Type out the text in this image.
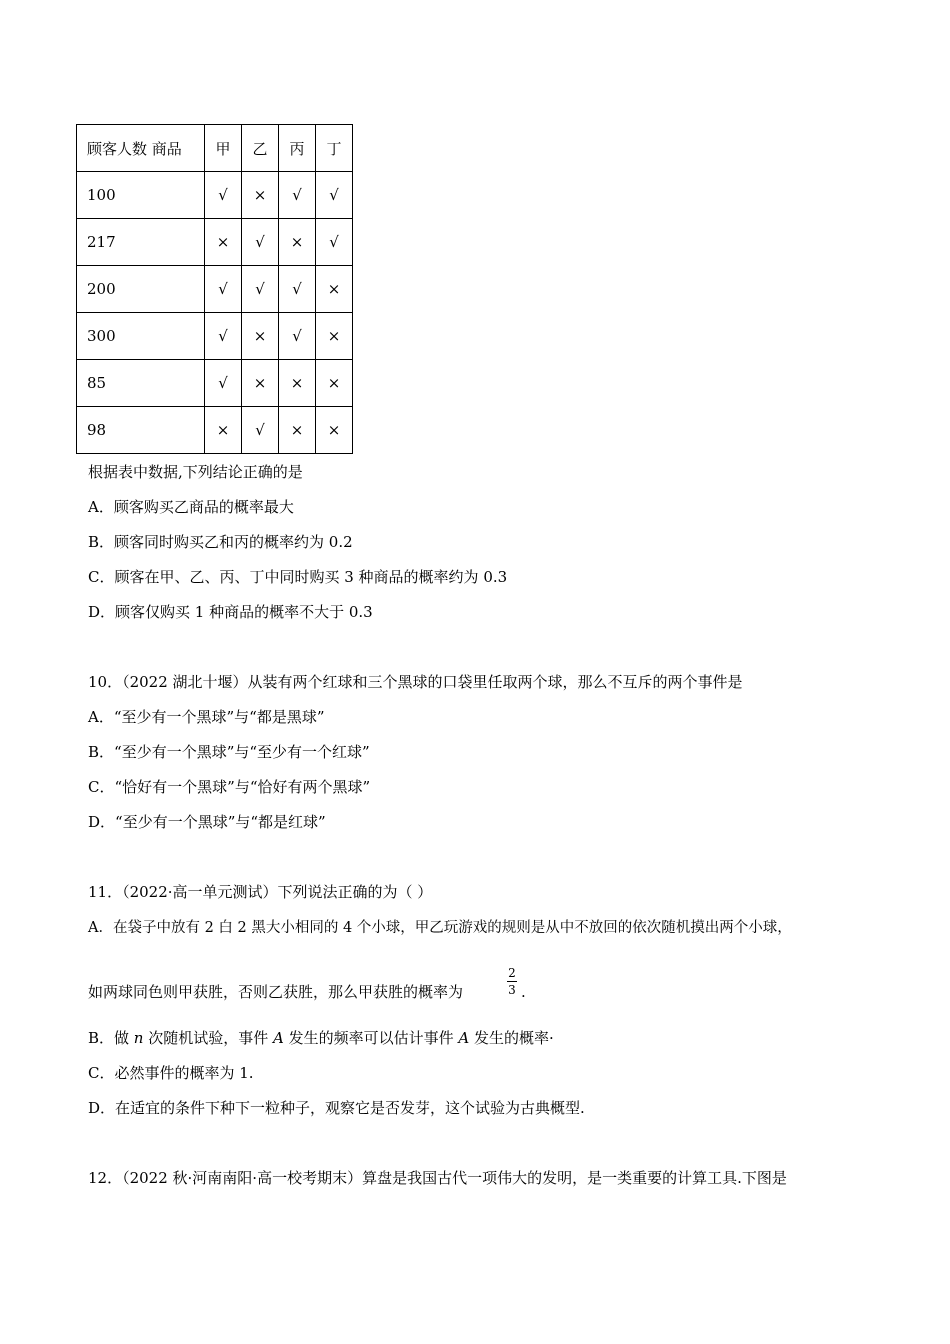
顾客人数 商品	甲	乙	丙	丁
100	√	×	√	√
217	×	√	×	√
200	√	√	√	×
300	√	×	√	×
85	√	×	×	×
98	×	√	×	×
根据表中数据,下列结论正确的是
A．顾客购买乙商品的概率最大
B．顾客同时购买乙和丙的概率约为 0.2
C．顾客在甲、乙、丙、丁中同时购买 3 种商品的概率约为 0.3
D．顾客仅购买 1 种商品的概率不大于 0.3
10．（2022 湖北十堰）从装有两个红球和三个黑球的口袋里任取两个球，那么不互斥的两个事件是
A．“至少有一个黑球”与“都是黑球”
B．“至少有一个黑球”与“至少有一个红球”
C．“恰好有一个黑球”与“恰好有两个黑球”
D．“至少有一个黑球”与“都是红球”
11．（2022·高一单元测试）下列说法正确的为（ ）
A．在袋子中放有 2 白 2 黑大小相同的 4 个小球，甲乙玩游戏的规则是从中不放回的依次随机摸出两个小球，
如两球同色则甲获胜，否则乙获胜，那么甲获胜的概率为
2
3 .
B．做 n 次随机试验，事件 A 发生的频率可以估计事件 A 发生的概率·
C．必然事件的概率为 1.
D．在适宜的条件下种下一粒种子，观察它是否发芽，这个试验为古典概型.
12．（2022 秋·河南南阳·高一校考期末）算盘是我国古代一项伟大的发明，是一类重要的计算工具.下图是
